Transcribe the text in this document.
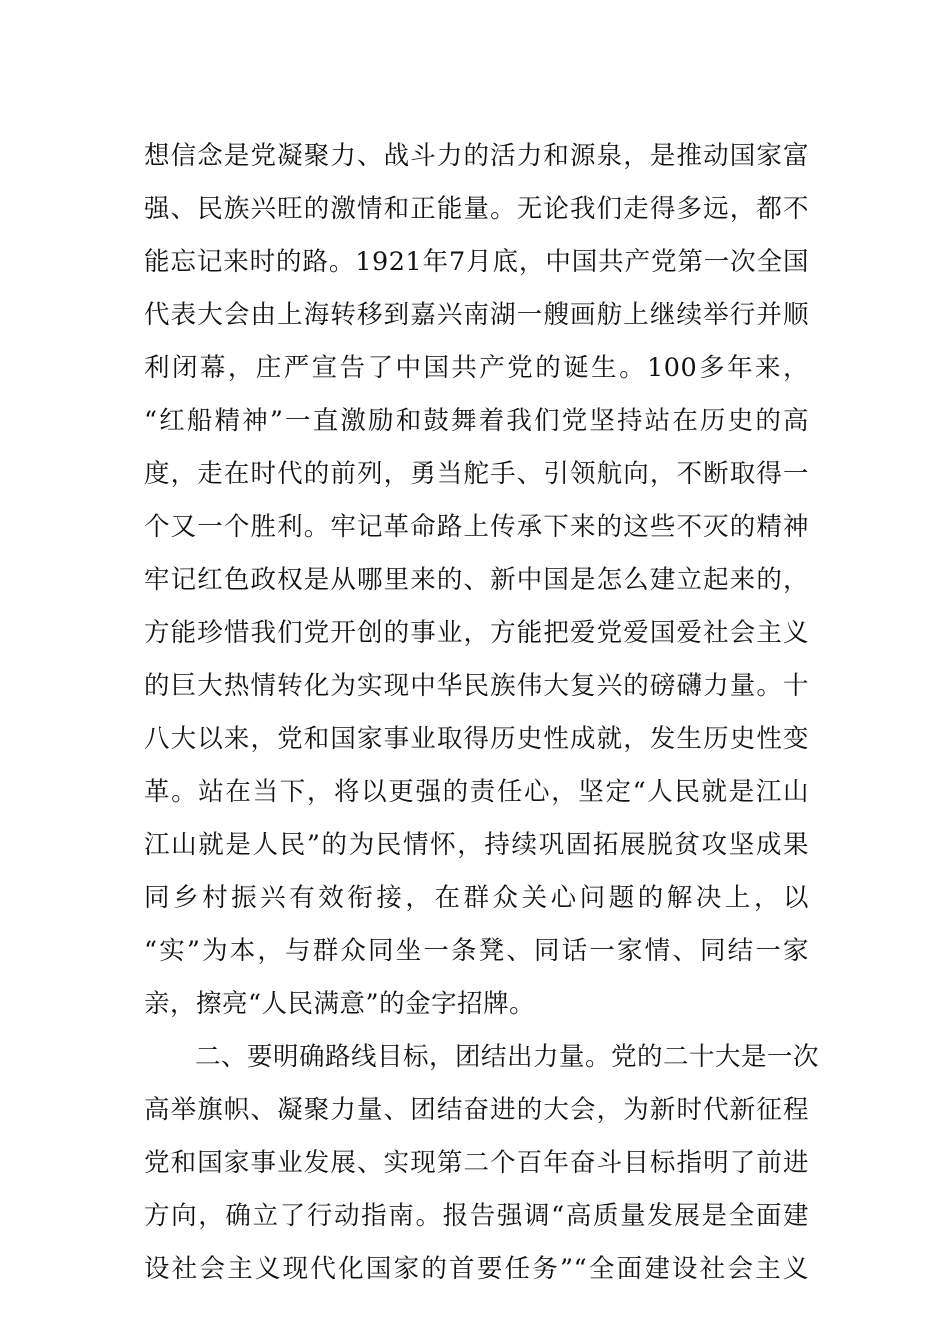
想信念是党凝聚力、战斗力的活力和源泉，是推动国家富
强、民族兴旺的激情和正能量。无论我们走得多远，都不
能忘记来时的路。1921年7月底，中国共产党第一次全国
代表大会由上海转移到嘉兴南湖一艘画舫上继续举行并顺
利闭幕，庄严宣告了中国共产党的诞生。100多年来，
“红船精神”一直激励和鼓舞着我们党坚持站在历史的高
度，走在时代的前列，勇当舵手、引领航向，不断取得一
个又一个胜利。牢记革命路上传承下来的这些不灭的精神
牢记红色政权是从哪里来的、新中国是怎么建立起来的，
方能珍惜我们党开创的事业，方能把爱党爱国爱社会主义
的巨大热情转化为实现中华民族伟大复兴的磅礴力量。十
八大以来，党和国家事业取得历史性成就，发生历史性变
革。站在当下，将以更强的责任心，坚定“人民就是江山
江山就是人民”的为民情怀，持续巩固拓展脱贫攻坚成果
同乡村振兴有效衔接，在群众关心问题的解决上，以
“实”为本，与群众同坐一条凳、同话一家情、同结一家
亲，擦亮“人民满意”的金字招牌。
二、要明确路线目标，团结出力量。党的二十大是一次
高举旗帜、凝聚力量、团结奋进的大会，为新时代新征程
党和国家事业发展、实现第二个百年奋斗目标指明了前进
方向，确立了行动指南。报告强调“高质量发展是全面建
设社会主义现代化国家的首要任务”“全面建设社会主义
